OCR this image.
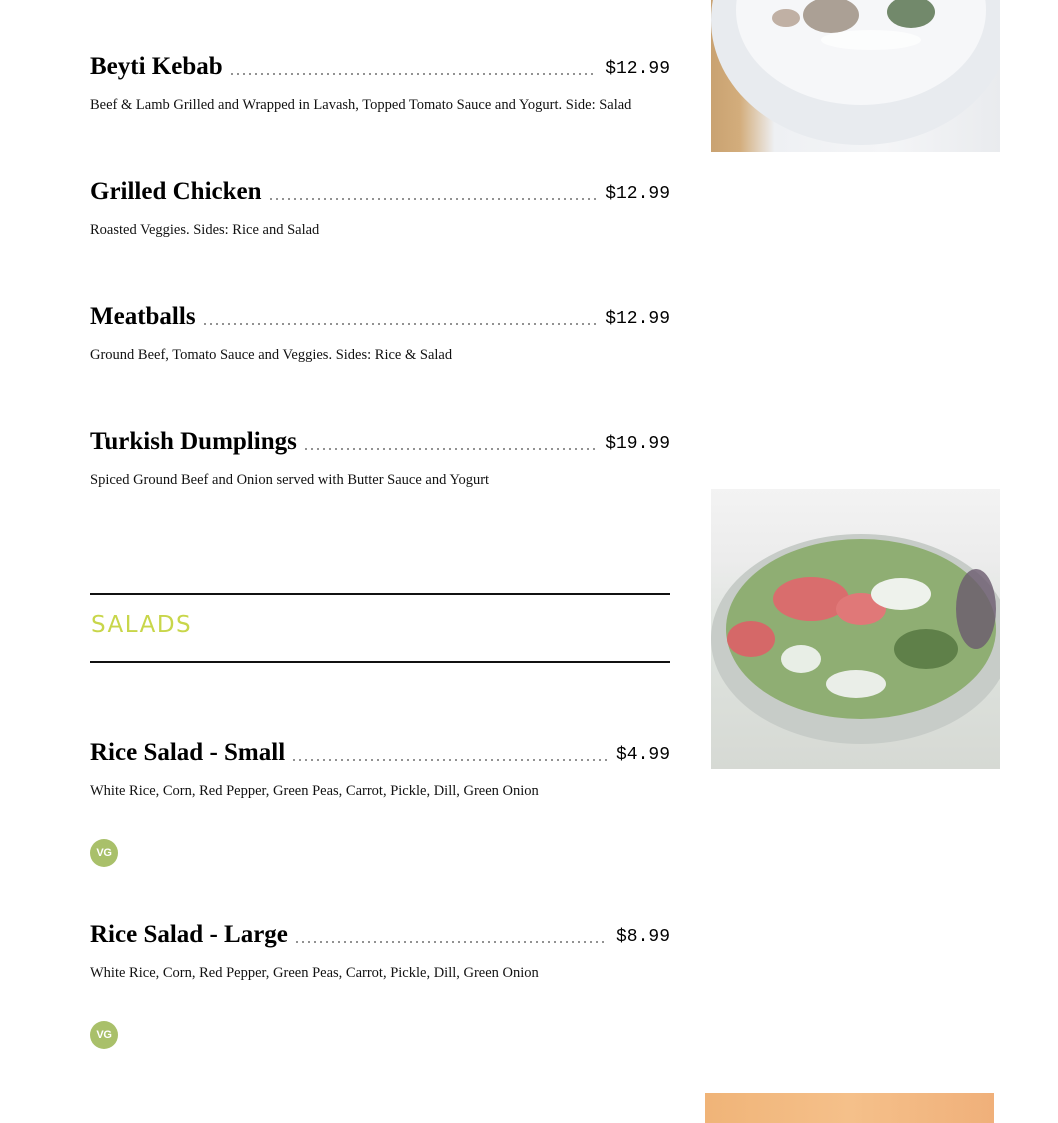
Beyti Kebab	$12.99
Beef & Lamb Grilled and Wrapped in Lavash, Topped Tomato Sauce and Yogurt. Side: Salad
Grilled Chicken	$12.99
Roasted Veggies. Sides: Rice and Salad
Meatballs	$12.99
Ground Beef, Tomato Sauce and Veggies. Sides: Rice & Salad
Turkish Dumplings	$19.99
Spiced Ground Beef and Onion served with Butter Sauce and Yogurt
SALADS
Rice Salad - Small	$4.99
White Rice, Corn, Red Pepper, Green Peas, Carrot, Pickle, Dill, Green Onion
VG
Rice Salad - Large	$8.99
White Rice, Corn, Red Pepper, Green Peas, Carrot, Pickle, Dill, Green Onion
VG
